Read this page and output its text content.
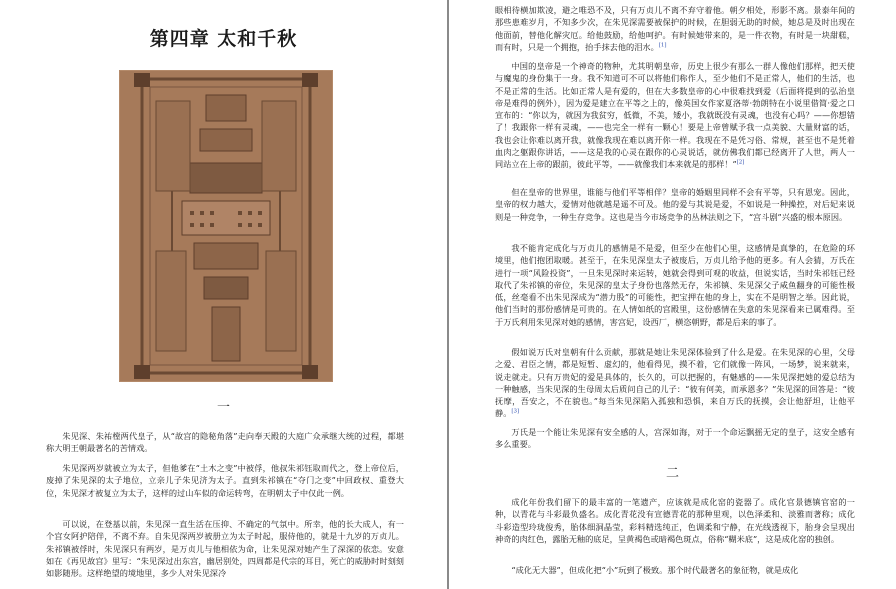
第四章 太和千秋
一

朱见深、朱祐樘两代皇子，从“故宫的隐秘角落”走向奉天殿的大庭广众承继大统的过程，都堪称大明王朝最著名的苦情戏。

朱见深两岁就被立为太子，但他爹在“土木之变”中被俘，他叔朱祁钰取而代之，登上帝位后，废掉了朱见深的太子地位，立亲儿子朱见济为太子。直到朱祁镇在“夺门之变”中回政权、重登大位，朱见深才被复立为太子，这样的过山车似的命运转弯，在明朝太子中仅此一例。

可以说，在登基以前，朱见深一直生活在压抑、不确定的气氛中。所幸，他的长大成人，有一个宫女阿护陪伴，不离不弃。自朱见深两岁被册立为太子时起，服侍他的，就是十九岁的万贞儿。朱祁镇被俘时，朱见深只有两岁，是万贞儿与他相依为命，让朱见深对她产生了深深的依恋。安意如在《再见故宫》里写：“朱见深过出东宫，幽居别处，四周都是代宗的耳目，死亡的威胁时时刻刻如影随形。这样绝望的境地里，多少人对朱见深冷

眼相待横加欺凌，避之唯恐不及，只有万贞儿不离不弃守着他。朝夕相处，形影不离。景泰年间的那些患难岁月，不知多少次，在朱见深需要被保护的时候，在胆弱无助的时候，她总是及时出现在他面前，替他化解灾厄。给他鼓励，给他呵护。有时候她带来的，是一件衣物，有时是一块甜糕，而有时，只是一个拥抱，抬手抹去他的泪水。[1]

中国的皇帝是一个神奇的物种，尤其明朝皇帝，历史上很少有那么一群人像他们那样，把天使与魔鬼的身份集于一身。我不知道可不可以将他们称作人，至少他们不是正常人，他们的生活，也不是正常的生活。比如正常人是有爱的，但在大多数皇帝的心中很难找到爱（后面将提到的弘治皇帝是难得的例外），因为爱是建立在平等之上的，像英国女作家夏洛蒂·勃朗特在小说里借简·爱之口宣布的：“你以为，就因为我贫穷，低微，不美，矮小，我就既没有灵魂，也没有心吗？——你想错了！我跟你一样有灵魂，——也完全一样有一颗心！要是上帝曾赋予我一点美貌、大量财富的话，我也会让你难以离开我，就像我现在难以离开你一样。我现在不是凭习俗、常规，甚至也不是凭着血肉之躯跟你讲话，——这是我的心灵在跟你的心灵说话，就仿佛我们都已经离开了人世，两人一同站立在上帝的跟前，彼此平等，——就像我们本来就是的那样！”[2]

但在皇帝的世界里，谁能与他们平等相伴？皇帝的婚姻里同样不会有平等，只有恩宠。因此，皇帝的权力越大，爱情对他就越是遥不可及。他的爱与其说是爱，不如说是一种操控，对后妃来说则是一种竞争，一种生存竞争。这也是当今市场竞争的丛林法则之下，“宫斗剧”兴盛的根本原因。

我不能肯定成化与万贞儿的感情是不是爱，但至少在他们心里，这感情是真挚的，在危险的环境里，他们抱团取暖。甚至于，在朱见深皇太子被废后，万贞儿给予他的更多。有人会猜，万氏在进行一项“风险投资”，一旦朱见深时来运转，她就会得到可观的收益，但说实话，当时朱祁钰已经取代了朱祁镇的帝位，朱见深的皇太子身份也落然无存，朱祁镇、朱见深父子咸鱼翻身的可能性极低，丝毫看不出朱见深成为“潜力股”的可能性，把宝押在他的身上，实在不是明智之举。因此说，他们当时的那份感情是可贵的。在人情如纸的宫殿里，这份感情在失意的朱见深看来已属难得。至于万氏利用朱见深对她的感情，害宫妃，设西厂，横恣朝野，都是后来的事了。

假如说万氏对皇朝有什么贡献，那就是她让朱见深体验到了什么是爱。在朱见深的心里，父母之爱、君臣之情，都是短暂、虚幻的，他看得见，摸不着，它们就像一阵风，一场梦，说来就来，说走就走。只有万贵妃的爱是具体的，长久的，可以把握的，有魅感的——朱见深把她的爱总结为一种触感，当朱见深的生母周太后质问自己的儿子：“彼有何美，而承恩多？”朱见深的回答是：“彼抚摩，吾安之，不在貌也。”每当朱见深陷入孤独和恐惧，来自万氏的抚摸，会让他舒坦，让他平静。[3]

万氏是一个能让朱见深有安全感的人，宫深如海，对于一个命运飘摇无定的皇子，这安全感有多么重要。

二

成化年份我们留下的最丰富的一笔遗产，应该就是成化窑的瓷器了。成化官景德镇官窑的一种，以青花与斗彩最负盛名。成化青花没有宣德青花的那种里观，以色泽柔和、淡雅而著称；成化斗彩造型玲珑俊秀，胎体细洞晶莹，彩料精选纯正，色调柔和宁静，在光线透视下，胎身会呈现出神奇的肉红色，露胎无釉的底足，呈黄褐色或暗褐色斑点，俗称“糊米底”，这是成化窑的独创。

“成化无大器”，但成化把“小”玩到了极致。那个时代最著名的象征物，就是成化
